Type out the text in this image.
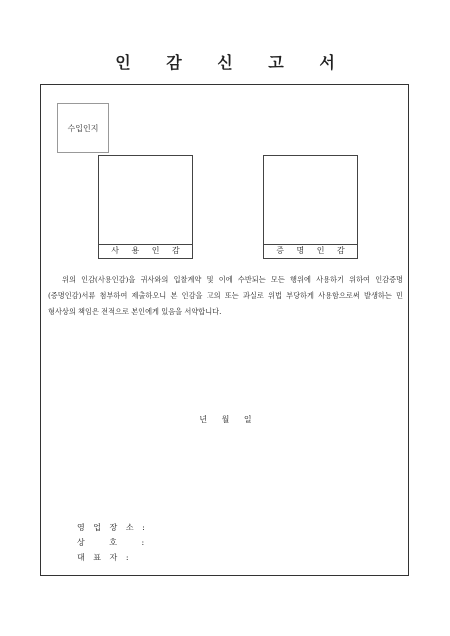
인 감 신 고 서
수입인지
사 용 인 감	증 명 인 감

위의 인감(사용인감)을 귀사와의 입찰계약 및 이에 수반되는 모든 행위에 사용하기 위하여 인감증명(증명인감)서류 첨부하여 제출하오니 본 인감을 고의 또는 과실로 위법 부당하게 사용함으로써 발생하는 민 형사상의 책임은 전적으로 본인에게 있음을 서약합니다.

년 월 일
영 업 장 소 :
상 호 :
대 표 자 :
